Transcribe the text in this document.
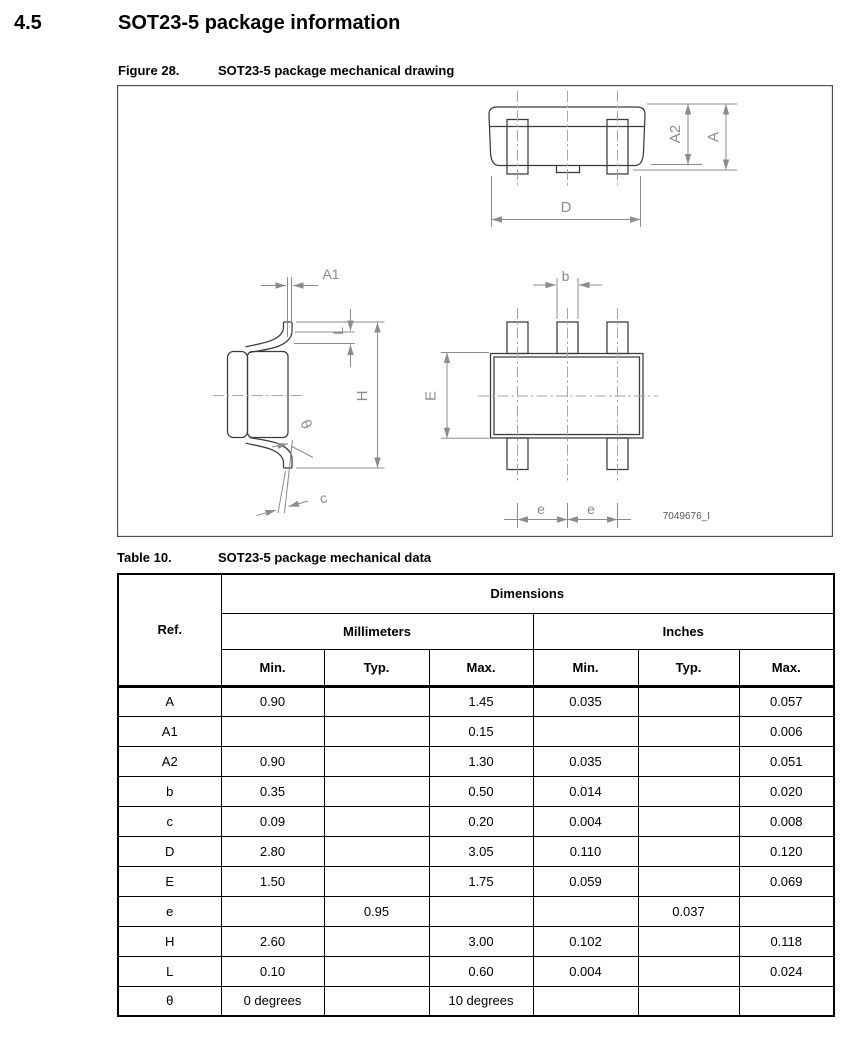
4.5	SOT23-5 package information
Figure 28.	SOT23-5 package mechanical drawing
A2 A
D
A1
L
H
θ
c
b
E
e	e	7049676_I
Table 10.	SOT23-5 package mechanical data
Ref.	Dimensions					
	Millimeters			Inches		
	Min.	Typ.	Max.	Min.	Typ.	Max.
A	0.90		1.45	0.035		0.057
A1			0.15			0.006
A2	0.90		1.30	0.035		0.051
b	0.35		0.50	0.014		0.020
c	0.09		0.20	0.004		0.008
D	2.80		3.05	0.110		0.120
E	1.50		1.75	0.059		0.069
e		0.95			0.037	
H	2.60		3.00	0.102		0.118
L	0.10		0.60	0.004		0.024
θ	0 degrees		10 degrees			
